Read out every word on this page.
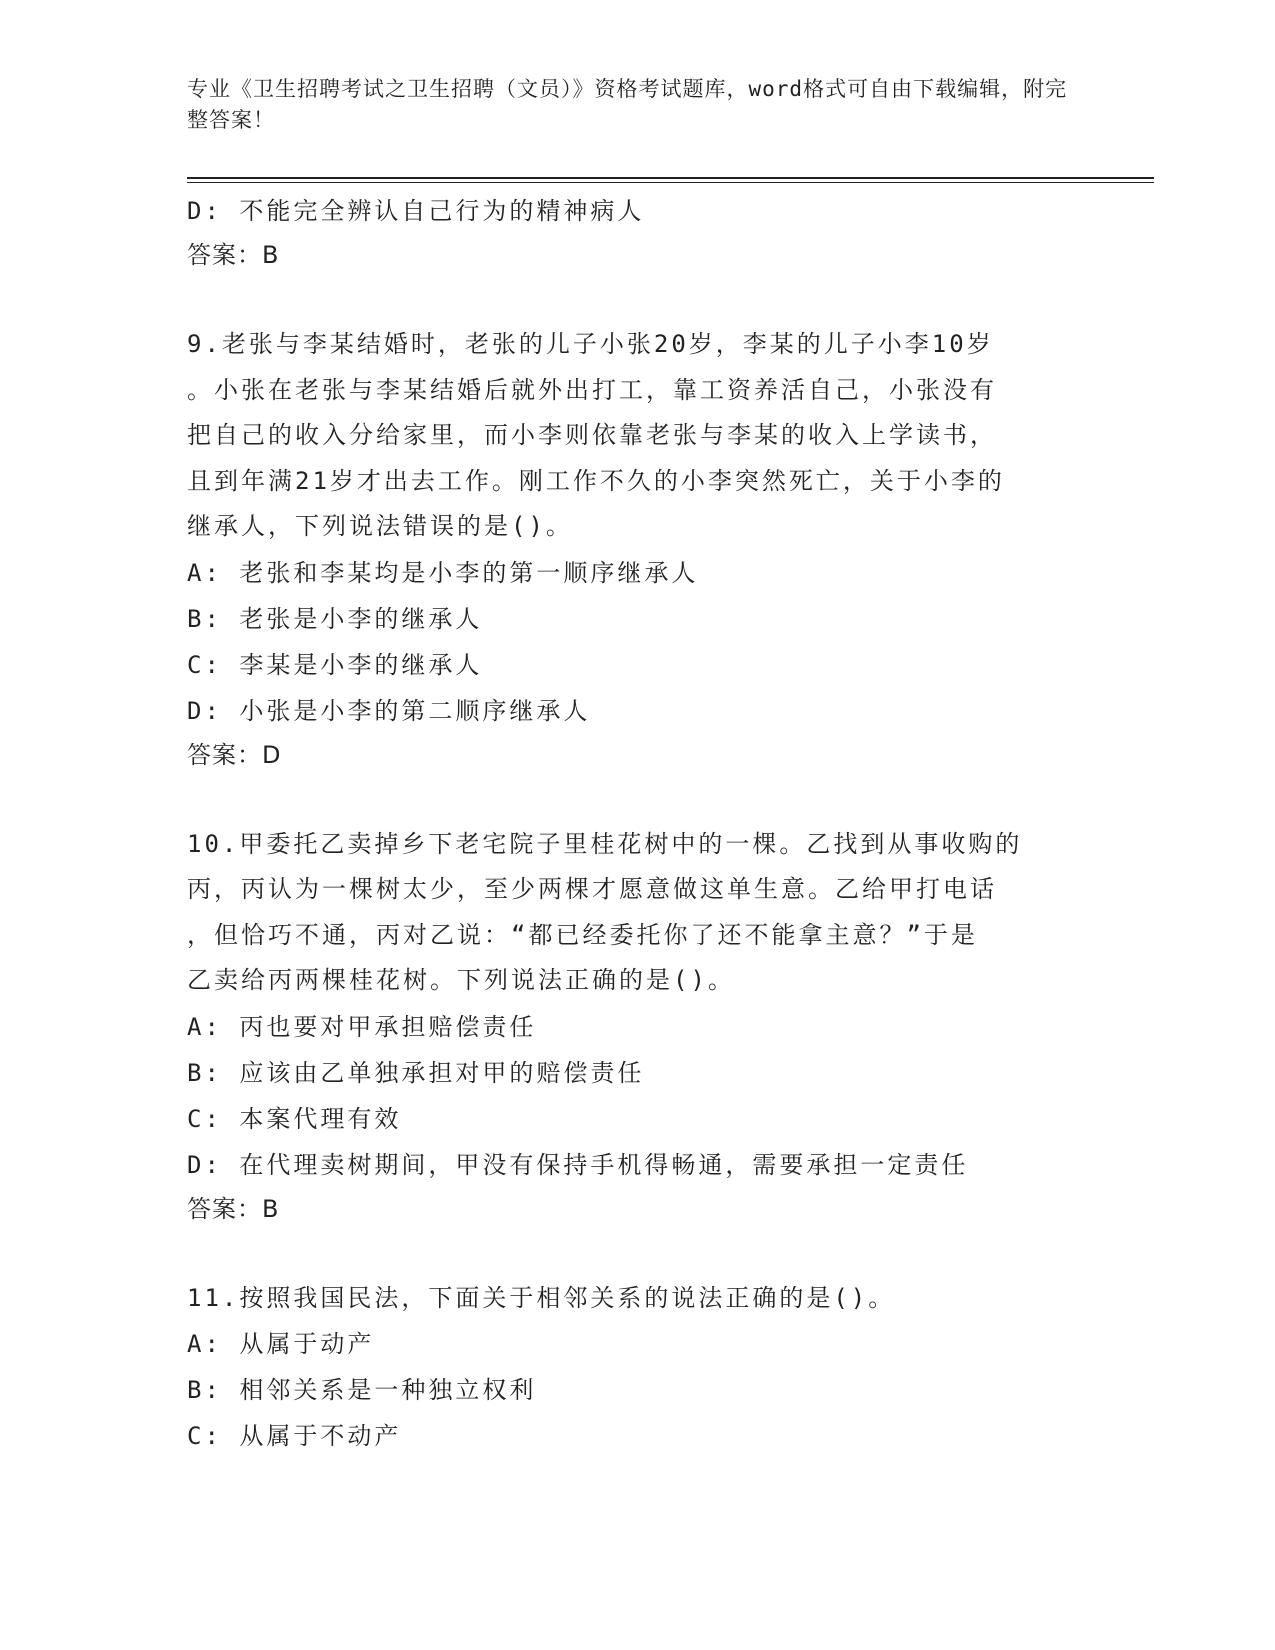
专业《卫生招聘考试之卫生招聘（文员）》资格考试题库，word格式可自由下载编辑，附完整答案！
D: 不能完全辨认自己行为的精神病人
答案：B

9.老张与李某结婚时，老张的儿子小张20岁，李某的儿子小李10岁
。小张在老张与李某结婚后就外出打工，靠工资养活自己，小张没有
把自己的收入分给家里，而小李则依靠老张与李某的收入上学读书，
且到年满21岁才出去工作。刚工作不久的小李突然死亡，关于小李的
继承人，下列说法错误的是()。

A: 老张和李某均是小李的第一顺序继承人
B: 老张是小李的继承人
C: 李某是小李的继承人
D: 小张是小李的第二顺序继承人
答案：D

10.甲委托乙卖掉乡下老宅院子里桂花树中的一棵。乙找到从事收购的
丙，丙认为一棵树太少，至少两棵才愿意做这单生意。乙给甲打电话
，但恰巧不通，丙对乙说：“都已经委托你了还不能拿主意？”于是
乙卖给丙两棵桂花树。下列说法正确的是()。

A: 丙也要对甲承担赔偿责任
B: 应该由乙单独承担对甲的赔偿责任
C: 本案代理有效
D: 在代理卖树期间，甲没有保持手机得畅通，需要承担一定责任
答案：B

11.按照我国民法，下面关于相邻关系的说法正确的是()。

A: 从属于动产
B: 相邻关系是一种独立权利
C: 从属于不动产
